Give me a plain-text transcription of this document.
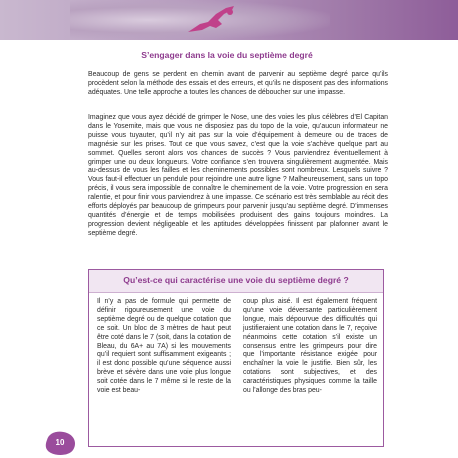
S’engager dans la voie du septième degré

Beaucoup de gens se perdent en chemin avant de parvenir au septième degré parce qu’ils procèdent selon la méthode des essais et des erreurs, et qu’ils ne disposent pas des informations adéquates. Une telle approche a toutes les chances de déboucher sur une impasse.

Imaginez que vous ayez décidé de grimper le Nose, une des voies les plus célèbres d’El Capitan dans le Yosemite, mais que vous ne disposiez pas du topo de la voie, qu’aucun informateur ne puisse vous tuyauter, qu’il n’y ait pas sur la voie d’équipement à demeure ou de traces de magnésie sur les prises. Tout ce que vous savez, c’est que la voie s’achève quelque part au sommet. Quelles seront alors vos chances de succès ? Vous parviendrez éventuellement à grimper une ou deux longueurs. Votre confiance s’en trouvera singulièrement augmentée. Mais au-dessus de vous les failles et les cheminements possibles sont nombreux. Lesquels suivre ? Vous faut-il effectuer un pendule pour rejoindre une autre ligne ? Malheureusement, sans un topo précis, il vous sera impossible de connaître le cheminement de la voie. Votre progression en sera ralentie, et pour finir vous parviendrez à une impasse. Ce scénario est très semblable au récit des efforts déployés par beaucoup de grimpeurs pour parvenir jusqu’au septième degré. D’immenses quantités d’énergie et de temps mobilisées produisent des gains toujours moindres. La progression devient négligeable et les aptitudes développées finissent par plafonner avant le septième degré.

Qu’est-ce qui caractérise une voie du septième degré ?

Il n’y a pas de formule qui permette de définir rigoureusement une voie du septième degré ou de quelque cotation que ce soit. Un bloc de 3 mètres de haut peut être coté dans le 7 (soit, dans la cotation de Bleau, du 6A+ au 7A) si les mouvements qu’il requiert sont suffisamment exigeants ; il est donc possible qu’une séquence aussi brève et sévère dans une voie plus longue soit cotée dans le 7 même si le reste de la voie est beau-

coup plus aisé. Il est également fréquent qu’une voie déversante particulièrement longue, mais dépourvue des difficultés qui justifieraient une cotation dans le 7, reçoive néanmoins cette cotation s’il existe un consensus entre les grimpeurs pour dire que l’importante résistance exigée pour enchaîner la voie le justifie. Bien sûr, les cotations sont subjectives, et des caractéristiques physiques comme la taille ou l’allonge des bras peu-

10
